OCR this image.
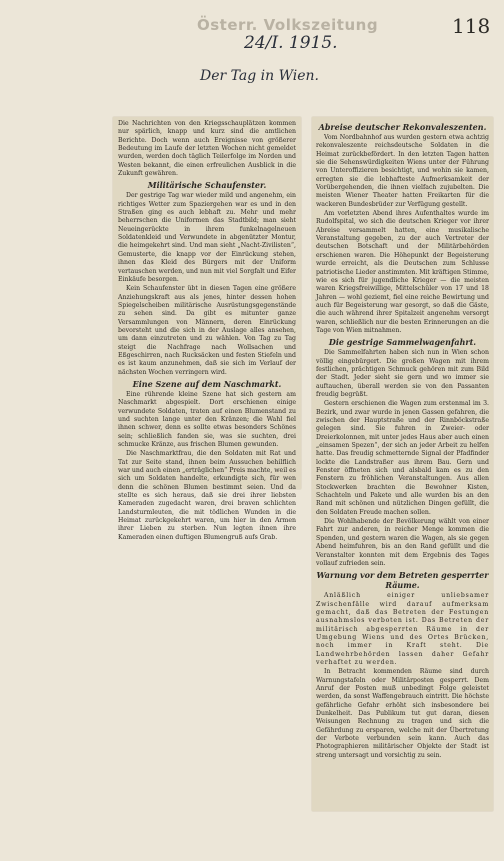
Österr. Volkszeitung	118
24/I. 1915.
Der Tag in Wien.

Die Nachrichten von den Kriegsschauplätzen kommen nur spärlich, knapp und kurz sind die amtlichen Berichte. Doch wenn auch Ereignisse von größerer Bedeutung im Laufe der letzten Wochen nicht gemeldet wurden, werden doch täglich Teilerfolge im Norden und Westen bekannt, die einen erfreulichen Ausblick in die Zukunft gewähren.

Militärische Schaufenster.

Der gestrige Tag war wieder mild und angenehm, ein richtiges Wetter zum Spaziergehen war es und in den Straßen ging es auch lebhaft zu. Mehr und mehr beherrschen die Uniformen das Stadtbild; man sieht Neueingerückte in ihrem funkelnagelneuen Soldatenkleid und Verwundete in abgenützter Montur, die heimgekehrt sind. Und man sieht „Nacht-Zivilisten“, Gemusterte, die knapp vor der Einrückung stehen, ihnen das Kleid des Bürgers mit der Uniform vertauschen werden, und nun mit viel Sorgfalt und Eifer Einkäufe besorgen.

Kein Schaufenster übt in diesen Tagen eine größere Anziehungskraft aus als jenes, hinter dessen hohen Spiegelscheiben militärische Ausrüstungsgegenstände zu sehen sind. Da gibt es mitunter ganze Versammlungen von Männern, deren Einrückung bevorsteht und die sich in der Auslage alles ansehen, um dann einzutreten und zu wählen. Von Tag zu Tag steigt die Nachfrage nach Wollsachen und Eßgeschirren, nach Rucksäcken und festen Stiefeln und es ist kaum anzunehmen, daß sie sich im Verlauf der nächsten Wochen verringern wird.

Eine Szene auf dem Naschmarkt.

Eine rührende kleine Szene hat sich gestern am Naschmarkt abgespielt. Dort erschienen einige verwundete Soldaten, traten auf einen Blumenstand zu und suchten lange unter den Kränzen; die Wahl fiel ihnen schwer, denn es sollte etwas besonders Schönes sein; schließlich fanden sie, was sie suchten, drei schmucke Kränze, aus frischen Blumen gewunden.

Die Naschmarktfrau, die den Soldaten mit Rat und Tat zur Seite stand, ihnen beim Aussuchen behilflich war und auch einen „erträglichen“ Preis machte, weil es sich um Soldaten handelte, erkundigte sich, für wen denn die schönen Blumen bestimmt seien. Und da stellte es sich heraus, daß sie drei ihrer liebsten Kameraden zugedacht waren, drei braven schlichten Landsturmleuten, die mit tödlichen Wunden in die Heimat zurückgekehrt waren, um hier in den Armen ihrer Lieben zu sterben. Nun legten ihnen ihre Kameraden einen duftigen Blumengruß aufs Grab.

Abreise deutscher Rekonvaleszenten.

Vom Nordbahnhof aus wurden gestern etwa achtzig rekonvaleszente reichsdeutsche Soldaten in die Heimat zurückbefördert. In den letzten Tagen hatten sie die Sehenswürdigkeiten Wiens unter der Führung von Unteroffizieren besichtigt, und wohin sie kamen, erregten sie die lebhafteste Aufmerksamkeit der Vorübergehenden, die ihnen vielfach zujubelten. Die meisten Wiener Theater hatten Freikarten für die wackeren Bundesbrüder zur Verfügung gestellt.

Am vorletzten Abend ihres Aufenthaltes wurde im Rudolfspital, wo sich die deutschen Krieger vor ihrer Abreise versammelt hatten, eine musikalische Veranstaltung gegeben, zu der auch Vertreter der deutschen Botschaft und der Militärbehörden erschienen waren. Die Höhepunkt der Begeisterung wurde erreicht, als die Deutschen zum Schlusse patriotische Lieder anstimmten. Mit kräftigen Stimme, wie es sich für jugendliche Krieger — die meisten waren Kriegsfreiwillige, Mittelschüler von 17 und 18 Jahren — wohl geziemt, fiel eine reiche Bewirtung und auch für Begeisterung war gesorgt, so daß die Gäste, die auch während ihrer Spitalzeit angenehm versorgt waren, schließlich nur die besten Erinnerungen an die Tage von Wien mitnahmen.

Die gestrige Sammelwagenfahrt.

Die Sammelfahrten haben sich nun in Wien schon völlig eingebürgert. Die großen Wagen mit ihrem festlichen, prächtigen Schmuck gehören mit zum Bild der Stadt. Jeder sieht sie gern und wo immer sie auftauchen, überall werden sie von den Passanten freudig begrüßt.

Gestern erschienen die Wagen zum erstenmal im 3. Bezirk, und zwar wurde in jenen Gassen gefahren, die zwischen der Hauptstraße und der Rinnböckstraße gelegen sind. Sie fuhren in Zweier- oder Dreierkolonnen, mit unter jedes Haus aber auch einen „einsamen Spezen“, der sich an jeder Arbeit zu helfen hatte. Das freudig schmetternde Signal der Pfadfinder lockte die Landstraßer aus ihrem Bau. Gern und Fenster öffneten sich und alsbald kam es zu den Fenstern zu fröhlichen Veranstaltungen. Aus allen Stockwerken brachten die Bewohner Kisten, Schachteln und Pakete und alle wurden bis an den Rand mit schönen und nützlichen Dingen gefüllt, die den Soldaten Freude machen sollen.

Die Wohlhabende der Bevölkerung wählt von einer Fahrt zur anderen, in reicher Menge kommen die Spenden, und gestern waren die Wagen, als sie gegen Abend heimfuhren, bis an den Rand gefüllt und die Veranstalter konnten mit dem Ergebnis des Tages vollauf zufrieden sein.

Warnung vor dem Betreten gesperrter Räume.

Anläßlich einiger unliebsamer Zwischenfälle wird darauf aufmerksam gemacht, daß das Betreten der Festungen ausnahmslos verboten ist. Das Betreten der militärisch abgesperrten Räume in der Umgebung Wiens und des Ortes Brücken, noch immer in Kraft steht. Die Landwehrbehörden lassen daher Gefahr verhaftet zu werden.

In Betracht kommenden Räume sind durch Warnungstafeln oder Militärposten gesperrt. Dem Anruf der Posten muß unbedingt Folge geleistet werden, da sonst Waffengebrauch eintritt. Die höchste gefährliche Gefahr erhöht sich insbesondere bei Dunkelheit. Das Publikum tut gut daran, diesen Weisungen Rechnung zu tragen und sich die Gefährdung zu ersparen, welche mit der Übertretung der Verbote verbunden sein kann. Auch das Photographieren militärischer Objekte der Stadt ist streng untersagt und vorsichtig zu sein.
